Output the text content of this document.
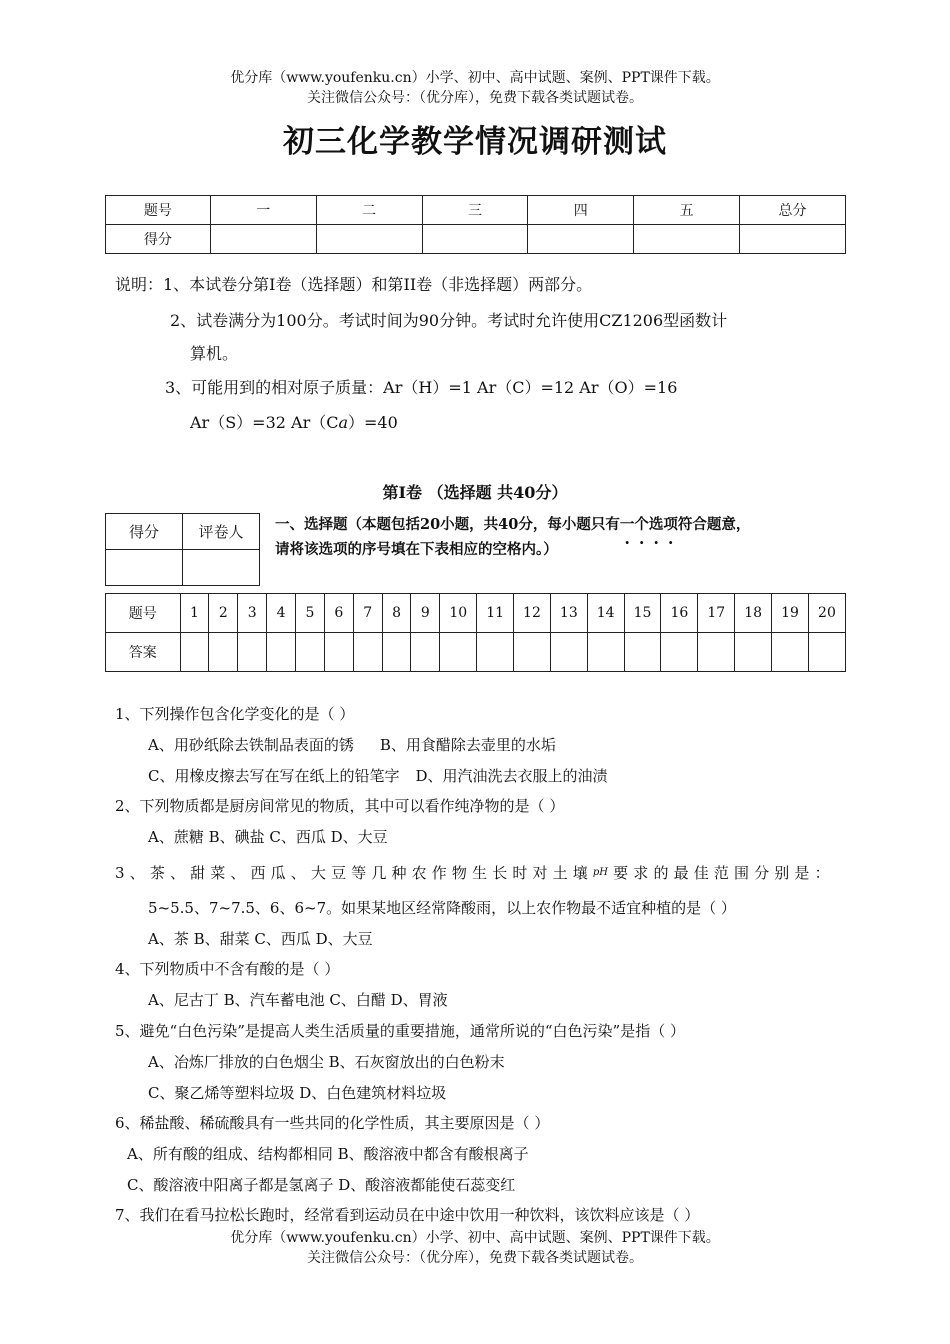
优分库（www.youfenku.cn）小学、初中、高中试题、案例、PPT课件下载。
关注微信公众号：（优分库），免费下载各类试题试卷。
初三化学教学情况调研测试
题号	一	二	三	四	五	总分
得分						
说明：1、本试卷分第Ⅰ卷（选择题）和第II卷（非选择题）两部分。
2、试卷满分为100分。考试时间为90分钟。考试时允许使用CZ1206型函数计
算机。
3、可能用到的相对原子质量：Ar（H）=1 Ar（C）=12 Ar（O）=16
Ar（S）=32 Ar（Ca）=40
第Ⅰ卷 （选择题 共40分）
得分	评卷人
	一、选择题（本题包括20小题，共40分，每小题只有一个选项符合题意，
请将该选项的序号填在下表相应的空格内。）
题号	1	2	3	4	5	6	7	8	9	10	11	12	13	14	15	16	17	18	19	20
答案																				
1、下列操作包含化学变化的是（ ）
A、用砂纸除去铁制品表面的锈 B、用食醋除去壶里的水垢
C、用橡皮擦去写在写在纸上的铅笔字 D、用汽油洗去衣服上的油渍
2、下列物质都是厨房间常见的物质，其中可以看作纯净物的是（ ）
A、蔗糖 B、碘盐 C、西瓜 D、大豆
3 、 茶 、 甜 菜 、 西 瓜 、 大 豆 等 几 种 农 作 物 生 长 时 对 土 壤 pH 要 求 的 最 佳 范 围 分 别 是 ：
5~5.5、7~7.5、6、6~7。如果某地区经常降酸雨，以上农作物最不适宜种植的是（ ）
A、茶 B、甜菜 C、西瓜 D、大豆
4、下列物质中不含有酸的是（ ）
A、尼古丁 B、汽车蓄电池 C、白醋 D、胃液
5、避免“白色污染”是提高人类生活质量的重要措施，通常所说的“白色污染”是指（ ）
A、冶炼厂排放的白色烟尘 B、石灰窗放出的白色粉末
C、聚乙烯等塑料垃圾 D、白色建筑材料垃圾
6、稀盐酸、稀硫酸具有一些共同的化学性质，其主要原因是（ ）
A、所有酸的组成、结构都相同 B、酸溶液中都含有酸根离子
C、酸溶液中阳离子都是氢离子 D、酸溶液都能使石蕊变红
7、我们在看马拉松长跑时，经常看到运动员在中途中饮用一种饮料，该饮料应该是（ ）
优分库（www.youfenku.cn）小学、初中、高中试题、案例、PPT课件下载。
关注微信公众号：（优分库），免费下载各类试题试卷。
